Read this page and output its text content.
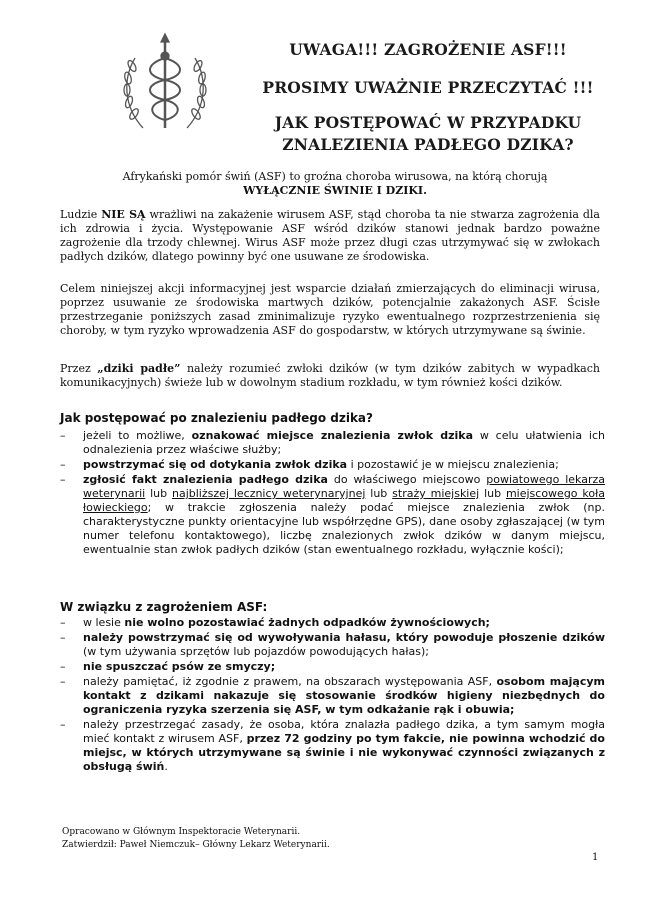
UWAGA!!! ZAGROŻENIE ASF!!!
PROSIMY UWAŻNIE PRZECZYTAĆ !!!
JAK POSTĘPOWAĆ W PRZYPADKU
ZNALEZIENIA PADŁEGO DZIKA?
Afrykański pomór świń (ASF) to groźna choroba wirusowa, na którą chorują
WYŁĄCZNIE ŚWINIE I DZIKI.
Ludzie NIE SĄ wrażliwi na zakażenie wirusem ASF, stąd choroba ta nie stwarza zagrożenia dla ich zdrowia i życia. Występowanie ASF wśród dzików stanowi jednak bardzo poważne zagrożenie dla trzody chlewnej. Wirus ASF może przez długi czas utrzymywać się w zwłokach padłych dzików, dlatego powinny być one usuwane ze środowiska.
Celem niniejszej akcji informacyjnej jest wsparcie działań zmierzających do eliminacji wirusa, poprzez usuwanie ze środowiska martwych dzików, potencjalnie zakażonych ASF. Ścisłe przestrzeganie poniższych zasad zminimalizuje ryzyko ewentualnego rozprzestrzenienia się choroby, w tym ryzyko wprowadzenia ASF do gospodarstw, w których utrzymywane są świnie.
Przez „dziki padłe” należy rozumieć zwłoki dzików (w tym dzików zabitych w wypadkach komunikacyjnych) świeże lub w dowolnym stadium rozkładu, w tym również kości dzików.
Jak postępować po znalezieniu padłego dzika?
– jeżeli to możliwe, oznakować miejsce znalezienia zwłok dzika w celu ułatwienia ich odnalezienia przez właściwe służby;
– powstrzymać się od dotykania zwłok dzika i pozostawić je w miejscu znalezienia;
– zgłosić fakt znalezienia padłego dzika do właściwego miejscowo powiatowego lekarza weterynarii lub najbliższej lecznicy weterynaryjnej lub straży miejskiej lub miejscowego koła łowieckiego; w trakcie zgłoszenia należy podać miejsce znalezienia zwłok (np. charakterystyczne punkty orientacyjne lub współrzędne GPS), dane osoby zgłaszającej (w tym numer telefonu kontaktowego), liczbę znalezionych zwłok dzików w danym miejscu, ewentualnie stan zwłok padłych dzików (stan ewentualnego rozkładu, wyłącznie kości);
W związku z zagrożeniem ASF:
– w lesie nie wolno pozostawiać żadnych odpadków żywnościowych;
– należy powstrzymać się od wywoływania hałasu, który powoduje płoszenie dzików (w tym używania sprzętów lub pojazdów powodujących hałas);
– nie spuszczać psów ze smyczy;
– należy pamiętać, iż zgodnie z prawem, na obszarach występowania ASF, osobom mającym kontakt z dzikami nakazuje się stosowanie środków higieny niezbędnych do ograniczenia ryzyka szerzenia się ASF, w tym odkażanie rąk i obuwia;
– należy przestrzegać zasady, że osoba, która znalazła padłego dzika, a tym samym mogła mieć kontakt z wirusem ASF, przez 72 godziny po tym fakcie, nie powinna wchodzić do miejsc, w których utrzymywane są świnie i nie wykonywać czynności związanych z obsługą świń.
Opracowano w Głównym Inspektoracie Weterynarii.
Zatwierdził: Paweł Niemczuk– Główny Lekarz Weterynarii.
1
